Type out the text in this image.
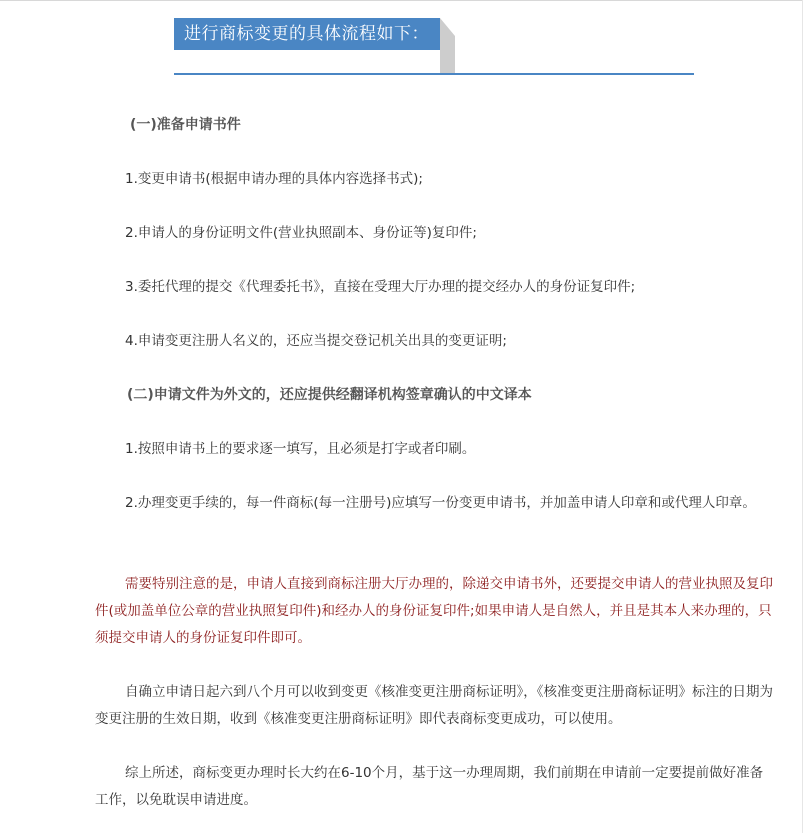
进行商标变更的具体流程如下：
(一)准备申请书件
1.变更申请书(根据申请办理的具体内容选择书式);
2.申请人的身份证明文件(营业执照副本、身份证等)复印件;
3.委托代理的提交《代理委托书》，直接在受理大厅办理的提交经办人的身份证复印件;
4.申请变更注册人名义的，还应当提交登记机关出具的变更证明;
(二)申请文件为外文的，还应提供经翻译机构签章确认的中文译本
1.按照申请书上的要求逐一填写，且必须是打字或者印刷。

2.办理变更手续的，每一件商标(每一注册号)应填写一份变更申请书，并加盖申请人印章和或代理人印章。

需要特别注意的是，申请人直接到商标注册大厅办理的，除递交申请书外，还要提交申请人的营业执照及复印件(或加盖单位公章的营业执照复印件)和经办人的身份证复印件;如果申请人是自然人，并且是其本人来办理的，只须提交申请人的身份证复印件即可。

自确立申请日起六到八个月可以收到变更《核准变更注册商标证明》，《核准变更注册商标证明》标注的日期为变更注册的生效日期，收到《核准变更注册商标证明》即代表商标变更成功，可以使用。

综上所述，商标变更办理时长大约在6-10个月，基于这一办理周期，我们前期在申请前一定要提前做好准备工作，以免耽误申请进度。
